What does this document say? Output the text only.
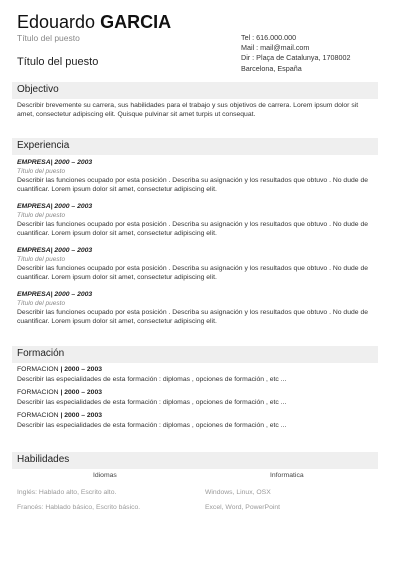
Edouardo GARCIA
Título del puesto
Título del puesto
Tel : 616.000.000
Mail : mail@mail.com
Dir : Plaça de Catalunya, 1708002
Barcelona, España
Objectivo
Describir brevemente su carrera, sus habilidades para el trabajo y sus objetivos de carrera. Lorem ipsum dolor sit amet, consectetur adipiscing elit. Quisque pulvinar sit amet turpis ut consequat.
Experiencia
EMPRESA| 2000 – 2003
Título del puesto
Describir las funciones ocupado por esta posición . Describa su asignación y los resultados que obtuvo . No dude de cuantificar. Lorem ipsum dolor sit amet, consectetur adipiscing elit.
EMPRESA| 2000 – 2003
Título del puesto
Describir las funciones ocupado por esta posición . Describa su asignación y los resultados que obtuvo . No dude de cuantificar. Lorem ipsum dolor sit amet, consectetur adipiscing elit.
EMPRESA| 2000 – 2003
Título del puesto
Describir las funciones ocupado por esta posición . Describa su asignación y los resultados que obtuvo . No dude de cuantificar. Lorem ipsum dolor sit amet, consectetur adipiscing elit.
EMPRESA| 2000 – 2003
Título del puesto
Describir las funciones ocupado por esta posición . Describa su asignación y los resultados que obtuvo . No dude de cuantificar. Lorem ipsum dolor sit amet, consectetur adipiscing elit.
Formación
FORMACION | 2000 – 2003
Describir las especialidades de esta formación : diplomas , opciones de formación , etc ...
FORMACION | 2000 – 2003
Describir las especialidades de esta formación : diplomas , opciones de formación , etc ...
FORMACION | 2000 – 2003
Describir las especialidades de esta formación : diplomas , opciones de formación , etc ...
Habilidades
Idiomas	Informatica
Inglés: Hablado alto, Escrito alto.
Francés: Hablado básico, Escrito básico.
Windows, Linux, OSX
Excel, Word, PowerPoint
